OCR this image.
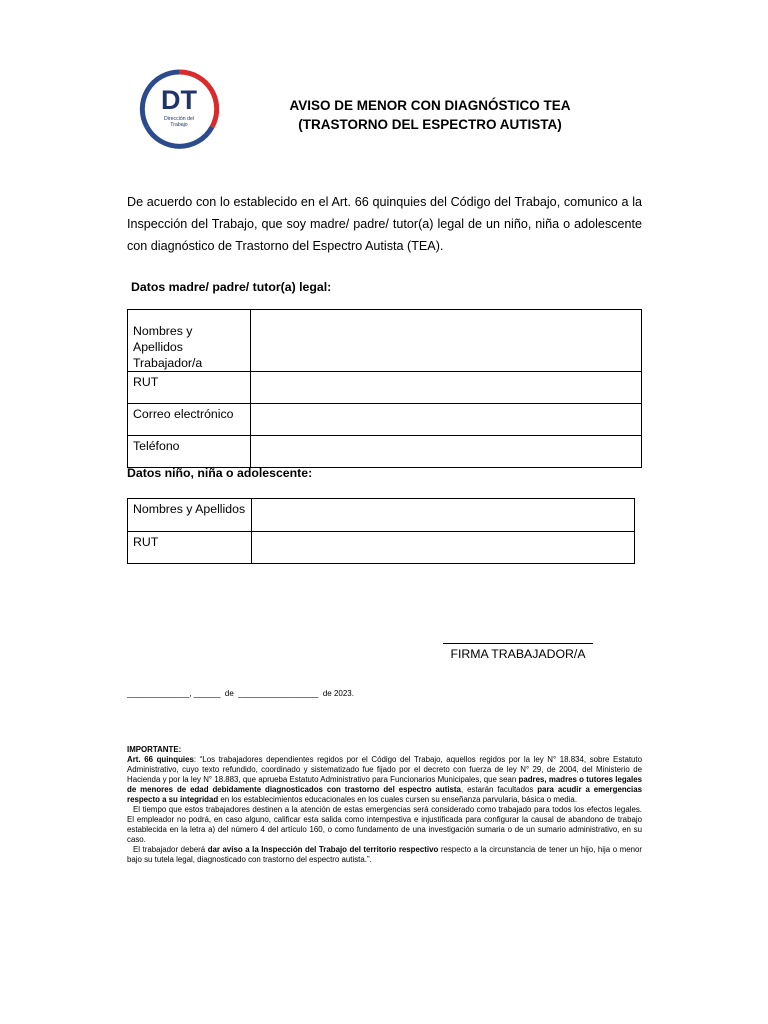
DT
Dirección del
Trabajo
AVISO DE MENOR CON DIAGNÓSTICO TEA
(TRASTORNO DEL ESPECTRO AUTISTA)
De acuerdo con lo establecido en el Art. 66 quinquies del Código del Trabajo, comunico a la Inspección del Trabajo, que soy madre/ padre/ tutor(a) legal de un niño, niña o adolescente con diagnóstico de Trastorno del Espectro Autista (TEA).
Datos madre/ padre/ tutor(a) legal:
Nombres y Apellidos Trabajador/a	
RUT	
Correo electrónico	
Teléfono	
Datos niño, niña o adolescente:
Nombres y Apellidos	
RUT	
FIRMA TRABAJADOR/A
______________, ______ de __________________ de 2023.

IMPORTANTE:

Art. 66 quinquies: “Los trabajadores dependientes regidos por el Código del Trabajo, aquellos regidos por la ley N° 18.834, sobre Estatuto Administrativo, cuyo texto refundido, coordinado y sistematizado fue fijado por el decreto con fuerza de ley N° 29, de 2004, del Ministerio de Hacienda y por la ley N° 18.883, que aprueba Estatuto Administrativo para Funcionarios Municipales, que sean padres, madres o tutores legales de menores de edad debidamente diagnosticados con trastorno del espectro autista, estarán facultados para acudir a emergencias respecto a su integridad en los establecimientos educacionales en los cuales cursen su enseñanza parvularia, básica o media.

El tiempo que estos trabajadores destinen a la atención de estas emergencias será considerado como trabajado para todos los efectos legales. El empleador no podrá, en caso alguno, calificar esta salida como intempestiva e injustificada para configurar la causal de abandono de trabajo establecida en la letra a) del número 4 del artículo 160, o como fundamento de una investigación sumaria o de un sumario administrativo, en su caso.

El trabajador deberá dar aviso a la Inspección del Trabajo del territorio respectivo respecto a la circunstancia de tener un hijo, hija o menor bajo su tutela legal, diagnosticado con trastorno del espectro autista.”.
